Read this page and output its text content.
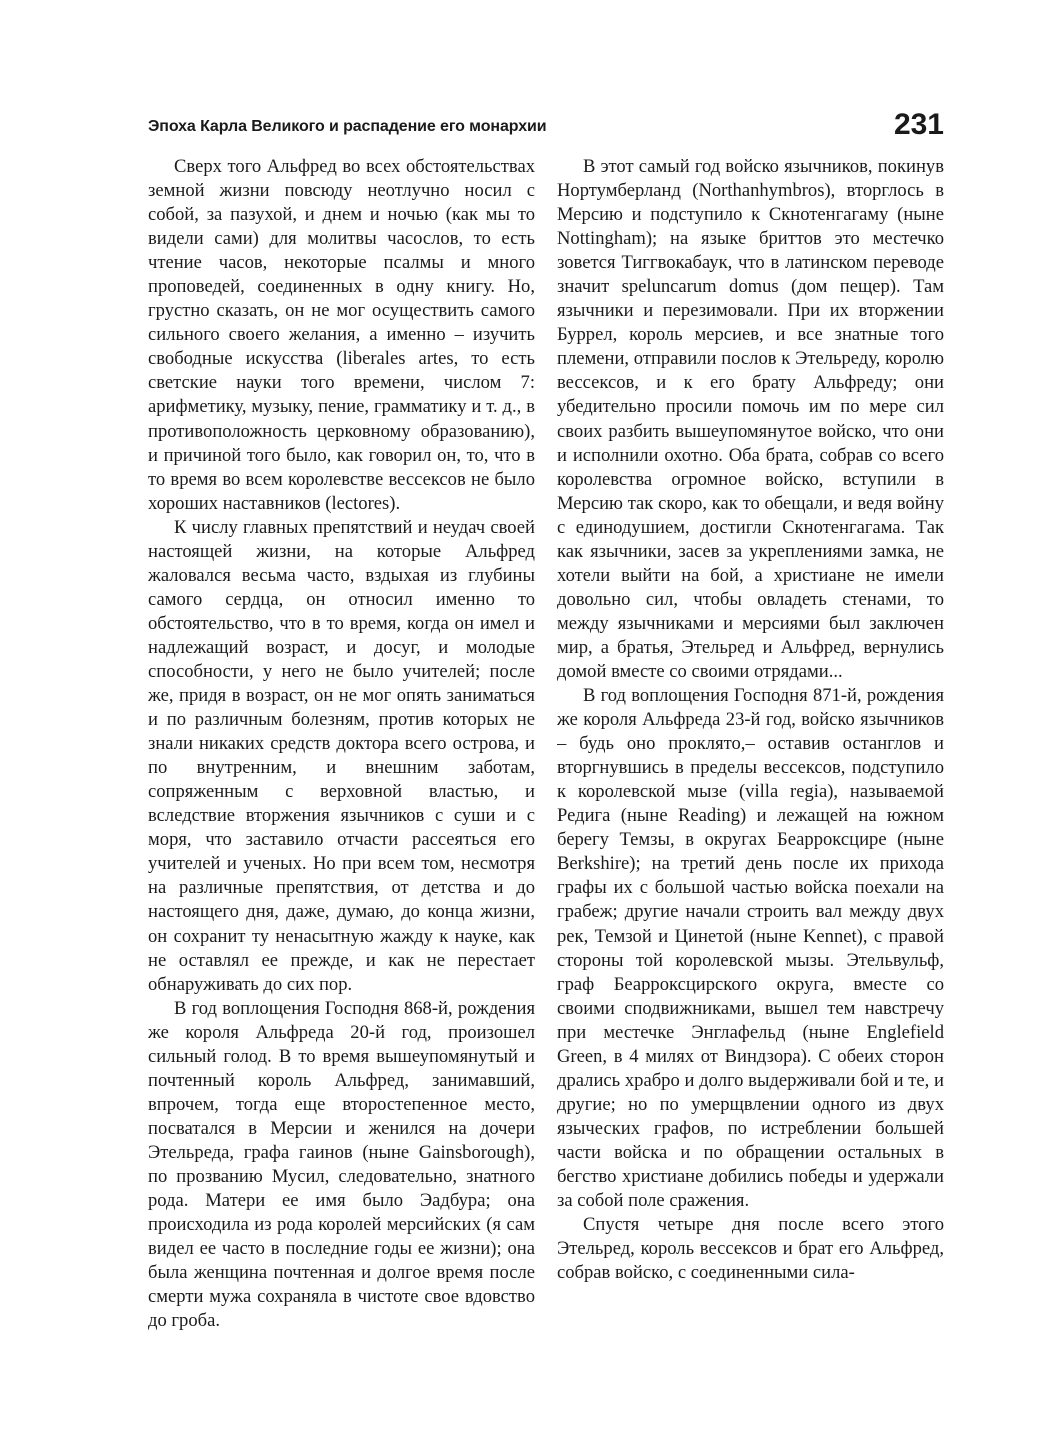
Эпоха Карла Великого и распадение его монархии	231

Сверх того Альфред во всех обстоятельствах земной жизни повсюду неотлучно носил с собой, за пазухой, и днем и ночью (как мы то видели сами) для молитвы часослов, то есть чтение часов, некоторые псалмы и много проповедей, соединенных в одну книгу. Но, грустно сказать, он не мог осуществить самого сильного своего желания, а именно – изучить свободные искусства (liberales artes, то есть светские науки того времени, числом 7: арифметику, музыку, пение, грамматику и т. д., в противоположность церковному образованию), и причиной того было, как говорил он, то, что в то время во всем королевстве вессексов не было хороших наставников (lectores).

К числу главных препятствий и неудач своей настоящей жизни, на которые Альфред жаловался весьма часто, вздыхая из глубины самого сердца, он относил именно то обстоятельство, что в то время, когда он имел и надлежащий возраст, и досуг, и молодые способности, у него не было учителей; после же, придя в возраст, он не мог опять заниматься и по различным болезням, против которых не знали никаких средств доктора всего острова, и по внутренним, и внешним заботам, сопряженным с верховной властью, и вследствие вторжения язычников с суши и с моря, что заставило отчасти рассеяться его учителей и ученых. Но при всем том, несмотря на различные препятствия, от детства и до настоящего дня, даже, думаю, до конца жизни, он сохранит ту ненасытную жажду к науке, как не оставлял ее прежде, и как не перестает обнаруживать до сих пор.

В год воплощения Господня 868-й, рождения же короля Альфреда 20-й год, произошел сильный голод. В то время вышеупомянутый и почтенный король Альфред, занимавший, впрочем, тогда еще второстепенное место, посватался в Мерсии и женился на дочери Этельреда, графа гаинов (ныне Gainsborough), по прозванию Мусил, следовательно, знатного рода. Матери ее имя было Эадбура; она происходила из рода королей мерсийских (я сам видел ее часто в последние годы ее жизни); она была женщина почтенная и долгое время после смерти мужа сохраняла в чистоте свое вдовство до гроба.

В этот самый год войско язычников, покинув Нортумберланд (Northanhymbros), вторглось в Мерсию и подступило к Скнотенгагаму (ныне Nottingham); на языке бриттов это местечко зовется Тиггвокабаук, что в латинском переводе значит speluncarum domus (дом пещер). Там язычники и перезимовали. При их вторжении Буррел, король мерсиев, и все знатные того племени, отправили послов к Этельреду, королю вессексов, и к его брату Альфреду; они убедительно просили помочь им по мере сил своих разбить вышеупомянутое войско, что они и исполнили охотно. Оба брата, собрав со всего королевства огромное войско, вступили в Мерсию так скоро, как то обещали, и ведя войну с единодушием, достигли Скнотенгагама. Так как язычники, засев за укреплениями замка, не хотели выйти на бой, а христиане не имели довольно сил, чтобы овладеть стенами, то между язычниками и мерсиями был заключен мир, а братья, Этельред и Альфред, вернулись домой вместе со своими отрядами...

В год воплощения Господня 871-й, рождения же короля Альфреда 23-й год, войско язычников – будь оно проклято,– оставив останглов и вторгнувшись в пределы вессексов, подступило к королевской мызе (villa regia), называемой Редига (ныне Reading) и лежащей на южном берегу Темзы, в округах Беарроксцире (ныне Berkshire); на третий день после их прихода графы их с большой частью войска поехали на грабеж; другие начали строить вал между двух рек, Темзой и Цинетой (ныне Kennet), с правой стороны той королевской мызы. Этельвульф, граф Беарроксцирского округа, вместе со своими сподвижниками, вышел тем навстречу при местечке Энглафельд (ныне Englefield Green, в 4 милях от Виндзора). С обеих сторон дрались храбро и долго выдерживали бой и те, и другие; но по умерщвлении одного из двух языческих графов, по истреблении большей части войска и по обращении остальных в бегство христиане добились победы и удержали за собой поле сражения.

Спустя четыре дня после всего этого Этельред, король вессексов и брат его Альфред, собрав войско, с соединенными сила-
